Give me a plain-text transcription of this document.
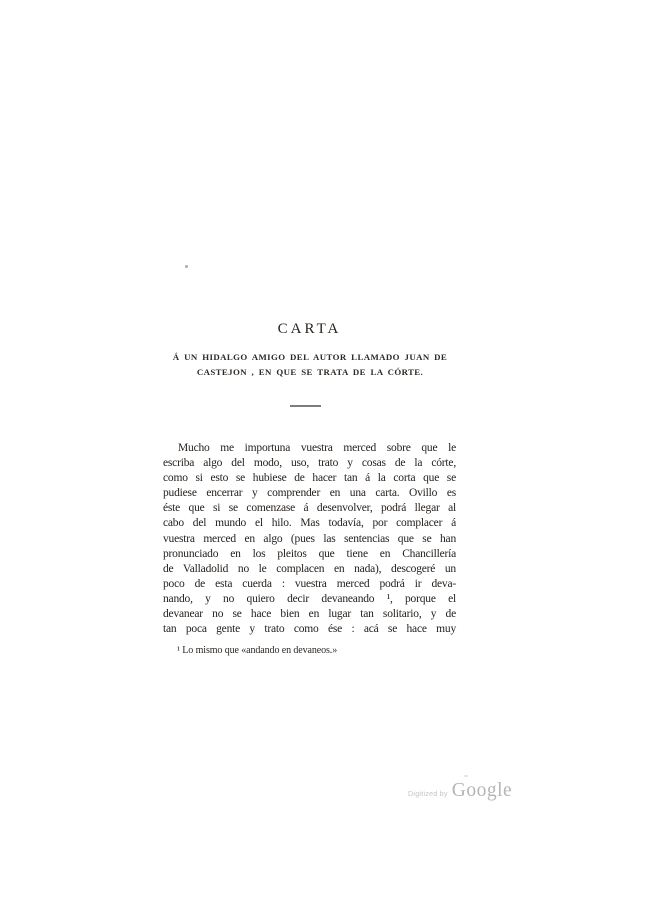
CARTA
Á UN HIDALGO AMIGO DEL AUTOR LLAMADO JUAN DE
CASTEJON , EN QUE SE TRATA DE LA CÓRTE.
Mucho me importuna vuestra merced sobre que le
escriba algo del modo, uso, trato y cosas de la córte,
como si esto se hubiese de hacer tan á la corta que se
pudiese encerrar y comprender en una carta. Ovillo es
éste que si se comenzase á desenvolver, podrá llegar al
cabo del mundo el hilo. Mas todavía, por complacer á
vuestra merced en algo (pues las sentencias que se han
pronunciado en los pleitos que tiene en Chancillería
de Valladolid no le complacen en nada), descogeré un
poco de esta cuerda : vuestra merced podrá ir deva-
nando, y no quiero decir devaneando ¹, porque el
devanear no se hace bien en lugar tan solitario, y de
tan poca gente y trato como ése : acá se hace muy
¹ Lo mismo que «andando en devaneos.»
Digitized by Google
